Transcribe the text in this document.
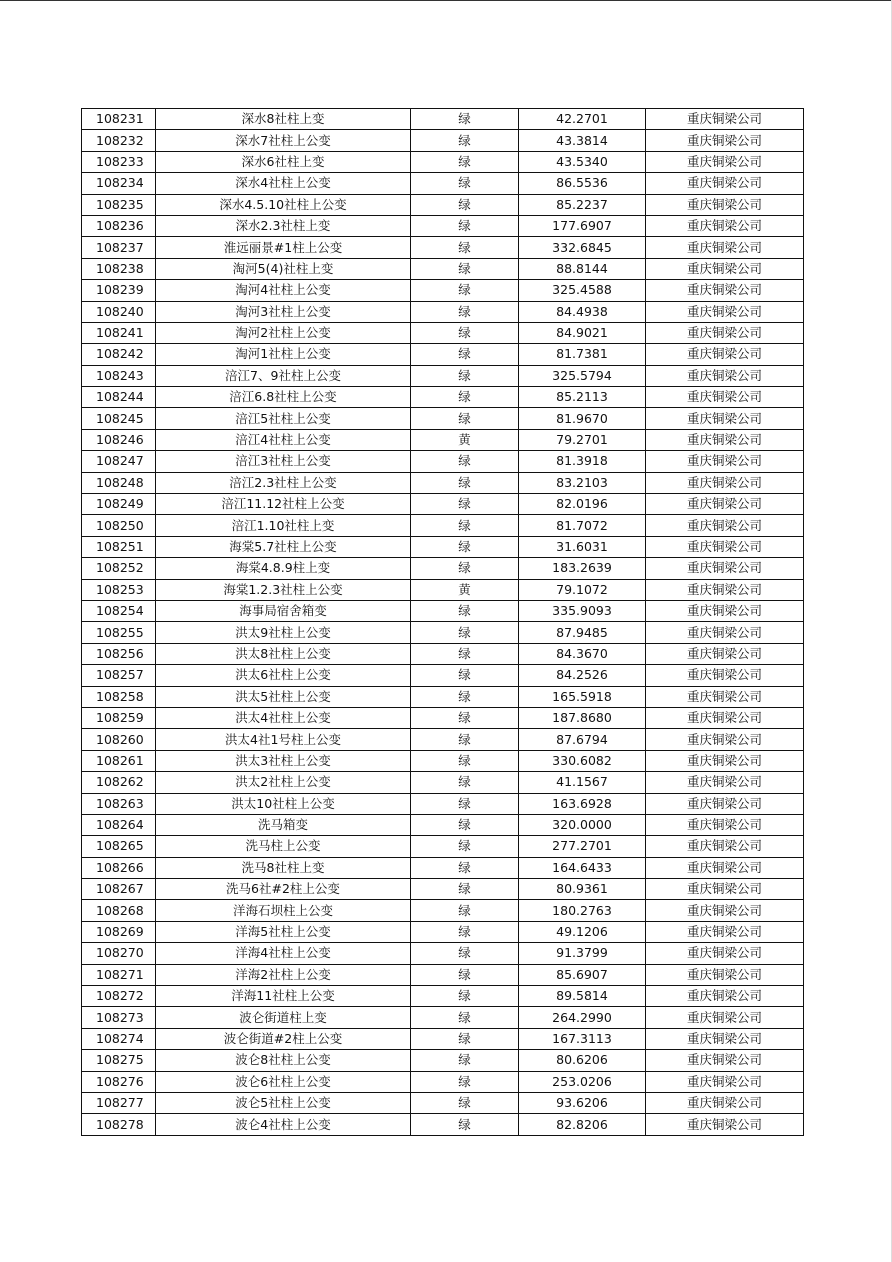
108231	深水8社柱上变	绿	42.2701	重庆铜梁公司
108232	深水7社柱上公变	绿	43.3814	重庆铜梁公司
108233	深水6社柱上变	绿	43.5340	重庆铜梁公司
108234	深水4社柱上公变	绿	86.5536	重庆铜梁公司
108235	深水4.5.10社柱上公变	绿	85.2237	重庆铜梁公司
108236	深水2.3社柱上变	绿	177.6907	重庆铜梁公司
108237	淮远丽景#1柱上公变	绿	332.6845	重庆铜梁公司
108238	淘河5(4)社柱上变	绿	88.8144	重庆铜梁公司
108239	淘河4社柱上公变	绿	325.4588	重庆铜梁公司
108240	淘河3社柱上公变	绿	84.4938	重庆铜梁公司
108241	淘河2社柱上公变	绿	84.9021	重庆铜梁公司
108242	淘河1社柱上公变	绿	81.7381	重庆铜梁公司
108243	涪江7、9社柱上公变	绿	325.5794	重庆铜梁公司
108244	涪江6.8社柱上公变	绿	85.2113	重庆铜梁公司
108245	涪江5社柱上公变	绿	81.9670	重庆铜梁公司
108246	涪江4社柱上公变	黄	79.2701	重庆铜梁公司
108247	涪江3社柱上公变	绿	81.3918	重庆铜梁公司
108248	涪江2.3社柱上公变	绿	83.2103	重庆铜梁公司
108249	涪江11.12社柱上公变	绿	82.0196	重庆铜梁公司
108250	涪江1.10社柱上变	绿	81.7072	重庆铜梁公司
108251	海棠5.7社柱上公变	绿	31.6031	重庆铜梁公司
108252	海棠4.8.9柱上变	绿	183.2639	重庆铜梁公司
108253	海棠1.2.3社柱上公变	黄	79.1072	重庆铜梁公司
108254	海事局宿舍箱变	绿	335.9093	重庆铜梁公司
108255	洪太9社柱上公变	绿	87.9485	重庆铜梁公司
108256	洪太8社柱上公变	绿	84.3670	重庆铜梁公司
108257	洪太6社柱上公变	绿	84.2526	重庆铜梁公司
108258	洪太5社柱上公变	绿	165.5918	重庆铜梁公司
108259	洪太4社柱上公变	绿	187.8680	重庆铜梁公司
108260	洪太4社1号柱上公变	绿	87.6794	重庆铜梁公司
108261	洪太3社柱上公变	绿	330.6082	重庆铜梁公司
108262	洪太2社柱上公变	绿	41.1567	重庆铜梁公司
108263	洪太10社柱上公变	绿	163.6928	重庆铜梁公司
108264	洗马箱变	绿	320.0000	重庆铜梁公司
108265	洗马柱上公变	绿	277.2701	重庆铜梁公司
108266	洗马8社柱上变	绿	164.6433	重庆铜梁公司
108267	洗马6社#2柱上公变	绿	80.9361	重庆铜梁公司
108268	洋海石坝柱上公变	绿	180.2763	重庆铜梁公司
108269	洋海5社柱上公变	绿	49.1206	重庆铜梁公司
108270	洋海4社柱上公变	绿	91.3799	重庆铜梁公司
108271	洋海2社柱上公变	绿	85.6907	重庆铜梁公司
108272	洋海11社柱上公变	绿	89.5814	重庆铜梁公司
108273	波仑街道柱上变	绿	264.2990	重庆铜梁公司
108274	波仑街道#2柱上公变	绿	167.3113	重庆铜梁公司
108275	波仑8社柱上公变	绿	80.6206	重庆铜梁公司
108276	波仑6社柱上公变	绿	253.0206	重庆铜梁公司
108277	波仑5社柱上公变	绿	93.6206	重庆铜梁公司
108278	波仑4社柱上公变	绿	82.8206	重庆铜梁公司
